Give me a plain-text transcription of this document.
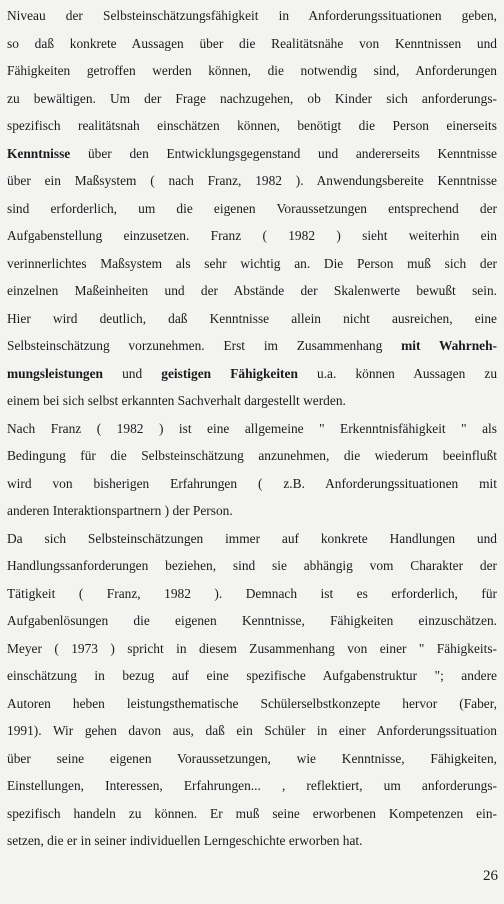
Niveau der Selbsteinschätzungsfähigkeit in Anforderungssituationen geben,
so daß konkrete Aussagen über die Realitätsnähe von Kenntnissen und
Fähigkeiten getroffen werden können, die notwendig sind, Anforderungen
zu bewältigen. Um der Frage nachzugehen, ob Kinder sich anforderungs-
spezifisch realitätsnah einschätzen können, benötigt die Person einerseits
Kenntnisse über den Entwicklungsgegenstand und andererseits Kenntnisse
über ein Maßsystem ( nach Franz, 1982 ). Anwendungsbereite Kenntnisse
sind erforderlich, um die eigenen Voraussetzungen entsprechend der
Aufgabenstellung einzusetzen. Franz ( 1982 ) sieht weiterhin ein
verinnerlichtes Maßsystem als sehr wichtig an. Die Person muß sich der
einzelnen Maßeinheiten und der Abstände der Skalenwerte bewußt sein.
Hier wird deutlich, daß Kenntnisse allein nicht ausreichen, eine
Selbsteinschätzung vorzunehmen. Erst im Zusammenhang mit Wahrneh-
mungsleistungen und geistigen Fähigkeiten u.a. können Aussagen zu
einem bei sich selbst erkannten Sachverhalt dargestellt werden.
Nach Franz ( 1982 ) ist eine allgemeine " Erkenntnisfähigkeit " als
Bedingung für die Selbsteinschätzung anzunehmen, die wiederum beeinflußt
wird von bisherigen Erfahrungen ( z.B. Anforderungssituationen mit
anderen Interaktionspartnern ) der Person.
Da sich Selbsteinschätzungen immer auf konkrete Handlungen und
Handlungssanforderungen beziehen, sind sie abhängig vom Charakter der
Tätigkeit ( Franz, 1982 ). Demnach ist es erforderlich, für
Aufgabenlösungen die eigenen Kenntnisse, Fähigkeiten einzuschätzen.
Meyer ( 1973 ) spricht in diesem Zusammenhang von einer " Fähigkeits-
einschätzung in bezug auf eine spezifische Aufgabenstruktur "; andere
Autoren heben leistungsthematische Schülerselbstkonzepte hervor (Faber,
1991). Wir gehen davon aus, daß ein Schüler in einer Anforderungssituation
über seine eigenen Voraussetzungen, wie Kenntnisse, Fähigkeiten,
Einstellungen, Interessen, Erfahrungen... , reflektiert, um anforderungs-
spezifisch handeln zu können. Er muß seine erworbenen Kompetenzen ein-
setzen, die er in seiner individuellen Lerngeschichte erworben hat.
26
